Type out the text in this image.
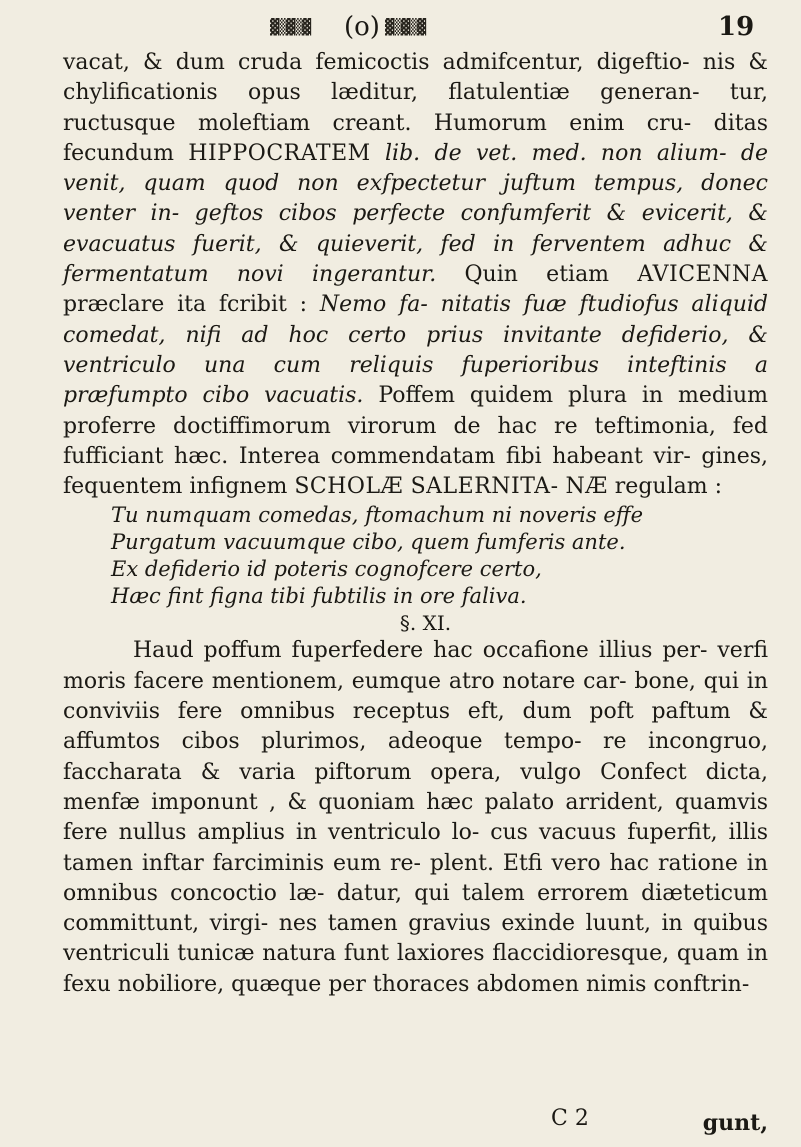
▓▒▓▒▓ (o) ▓▒▓▒▓	19

vacat, & dum cruda femicoctis admifcentur, digeftio- nis & chylificationis opus læditur, flatulentiæ generan- tur, ructusque moleftiam creant. Humorum enim cru- ditas fecundum HIPPOCRATEM lib. de vet. med. non alium- de venit, quam quod non exfpectetur juftum tempus, donec venter in- geftos cibos perfecte confumferit & evicerit, & evacuatus fuerit, & quieverit, fed in ferventem adhuc & fermentatum novi ingerantur. Quin etiam AVICENNA præclare ita fcribit : Nemo fa- nitatis fuæ ftudiofus aliquid comedat, nifi ad hoc certo prius invitante defiderio, & ventriculo una cum reliquis fuperioribus inteftinis a præfumpto cibo vacuatis. Poffem quidem plura in medium proferre doctiffimorum virorum de hac re teftimonia, fed fufficiant hæc. Interea commendatam fibi habeant vir- gines, fequentem infignem SCHOLÆ SALERNITA- NÆ regulam :

Tu numquam comedas, ftomachum ni noveris effe
Purgatum vacuumque cibo, quem fumferis ante.
Ex defiderio id poteris cognofcere certo,
Hæc fint figna tibi fubtilis in ore faliva.

§. XI.

Haud poffum fuperfedere hac occafione illius per- verfi moris facere mentionem, eumque atro notare car- bone, qui in conviviis fere omnibus receptus eft, dum poft paftum & affumtos cibos plurimos, adeoque tempo- re incongruo, faccharata & varia piftorum opera, vulgo Confect dicta, menfæ imponunt , & quoniam hæc palato arrident, quamvis fere nullus amplius in ventriculo lo- cus vacuus fuperfit, illis tamen inftar farciminis eum re- plent. Etfi vero hac ratione in omnibus concoctio læ- datur, qui talem errorem diæteticum committunt, virgi- nes tamen gravius exinde luunt, in quibus ventriculi tunicæ natura funt laxiores flaccidioresque, quam in fexu nobiliore, quæque per thoraces abdomen nimis conftrin-

C 2	gunt,
